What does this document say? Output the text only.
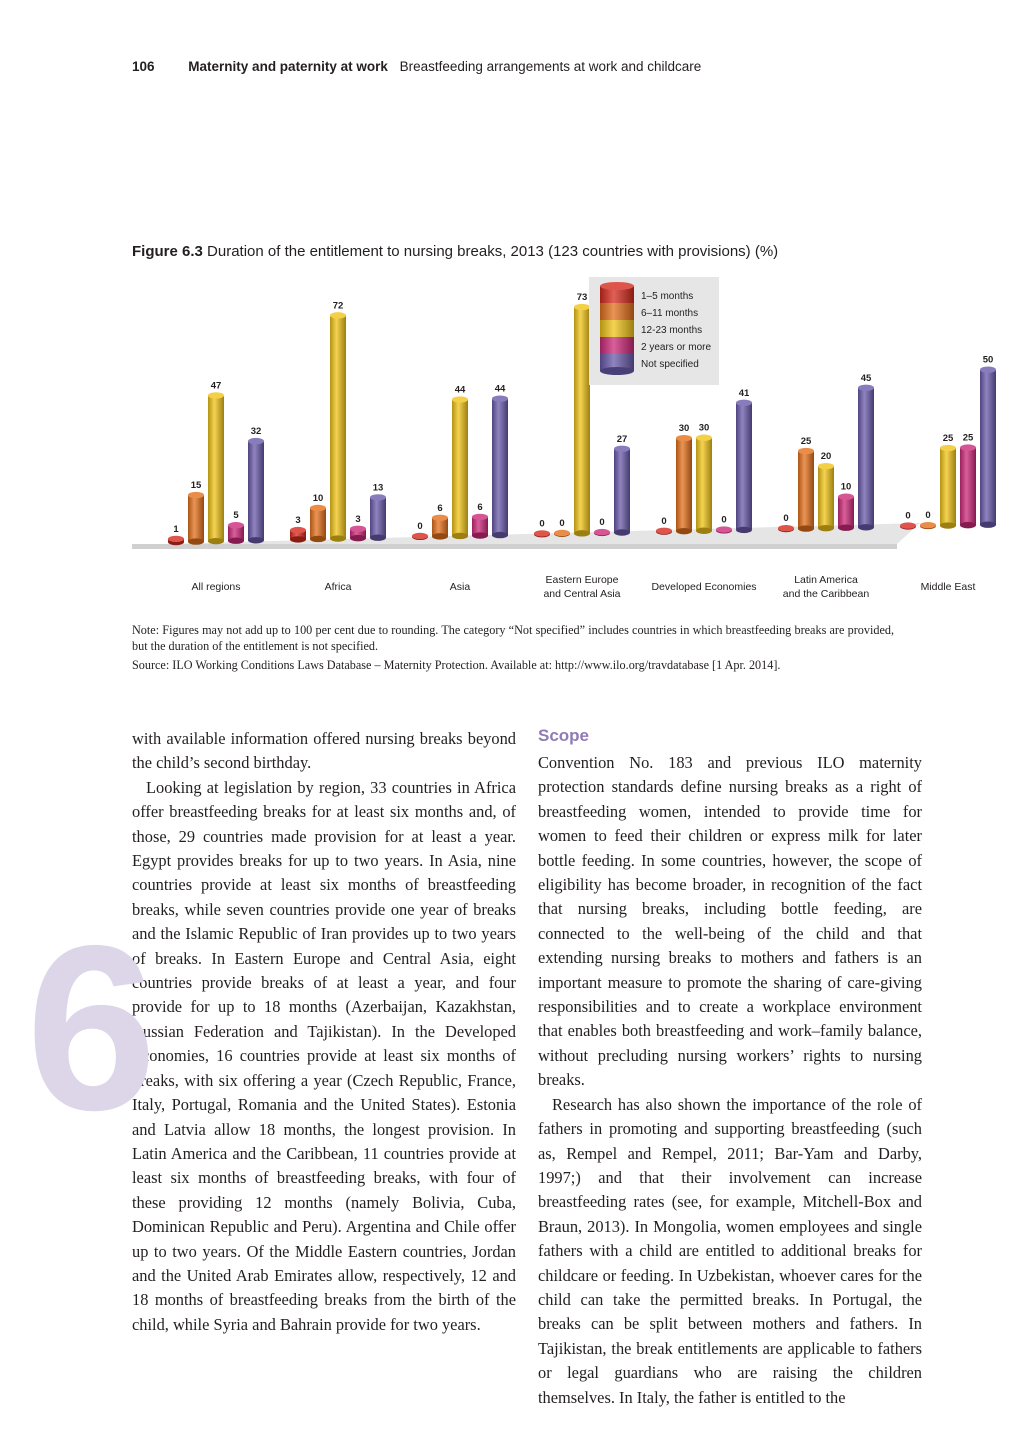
106	Maternity and paternity at work Breastfeeding arrangements at work and childcare
Figure 6.3 Duration of the entitlement to nursing breaks, 2013 (123 countries with provisions) (%)
1
15
47
5
32
3
10
72
3
13
0
6
44
6
44
0 0
73
0
27
0
30 30
0
41
0
25
20
10
45
0 0
25 25
50
All regions	Africa	Asia
Eastern Europe and Central Asia
Developed Economies
Latin America and the Caribbean
Middle East
1–5 months
6–11 months
12-23 months
2 years or more
Not specified
Note: Figures may not add up to 100 per cent due to rounding. The category “Not specified” includes countries in which breastfeeding breaks are provided, but the duration of the entitlement is not specified.
Source: ILO Working Conditions Laws Database – Maternity Protection. Available at: http://www.ilo.org/travdatabase [1 Apr. 2014].

with available information offered nursing breaks beyond the child’s second birthday.

Looking at legislation by region, 33 countries in Africa offer breastfeeding breaks for at least six months and, of those, 29 countries made provision for at least a year. Egypt provides breaks for up to two years. In Asia, nine countries provide at least six months of breastfeeding breaks, while seven countries provide one year of breaks and the Islamic Republic of Iran provides up to two years of breaks. In Eastern Europe and Central Asia, eight countries provide breaks of at least a year, and four provide for up to 18 months (Azerbaijan, Kazakhstan, Russian Federation and Tajikistan). In the Developed Economies, 16 countries provide at least six months of breaks, with six offering a year (Czech Republic, France, Italy, Portugal, Romania and the United States). Estonia and Latvia allow 18 months, the longest provision. In Latin America and the Caribbean, 11 countries provide at least six months of breastfeeding breaks, with four of these providing 12 months (namely Bolivia, Cuba, Dominican Republic and Peru). Argentina and Chile offer up to two years. Of the Middle Eastern countries, Jordan and the United Arab Emirates allow, respectively, 12 and 18 months of breastfeeding breaks from the birth of the child, while Syria and Bahrain provide for two years.

Scope

Convention No. 183 and previous ILO maternity protection standards define nursing breaks as a right of breastfeeding women, intended to provide time for women to feed their children or express milk for later bottle feeding. In some countries, however, the scope of eligibility has become broader, in recognition of the fact that nursing breaks, including bottle feeding, are connected to the well-being of the child and that extending nursing breaks to mothers and fathers is an important measure to promote the sharing of care-giving responsibilities and to create a workplace environment that enables both breastfeeding and work–family balance, without precluding nursing workers’ rights to nursing breaks.

Research has also shown the importance of the role of fathers in promoting and supporting breastfeeding (such as, Rempel and Rempel, 2011; Bar-Yam and Darby, 1997;) and that their involvement can increase breastfeeding rates (see, for example, Mitchell-Box and Braun, 2013). In Mongolia, women employees and single fathers with a child are entitled to additional breaks for childcare or feeding. In Uzbekistan, whoever cares for the child can take the permitted breaks. In Portugal, the breaks can be split between mothers and fathers. In Tajikistan, the break entitlements are applicable to fathers or legal guardians who are raising the children themselves. In Italy, the father is entitled to the

6
